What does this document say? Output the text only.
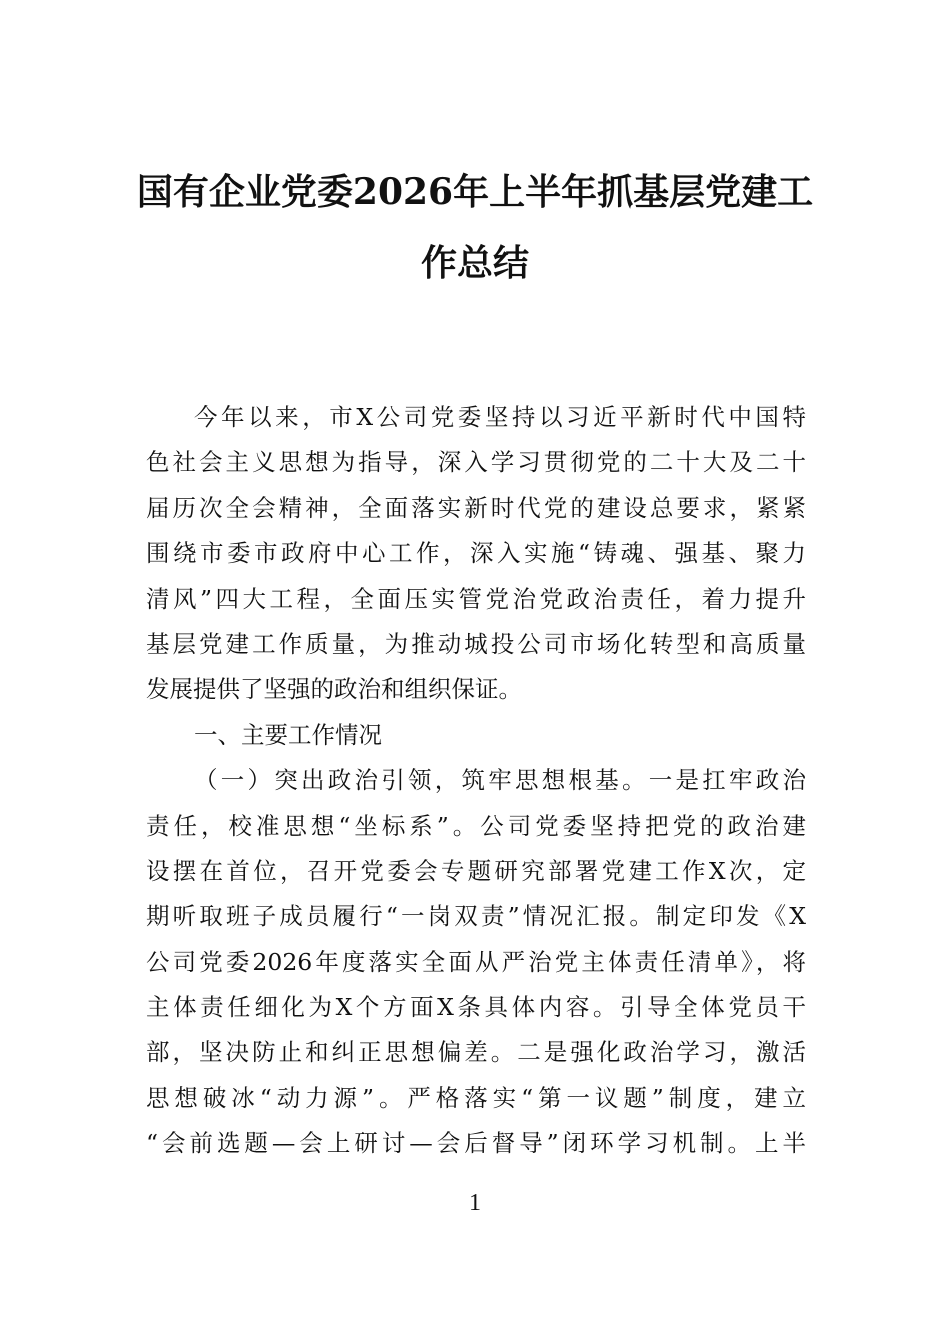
国有企业党委2026年上半年抓基层党建工
作总结
今年以来，市X公司党委坚持以习近平新时代中国特
色社会主义思想为指导，深入学习贯彻党的二十大及二十
届历次全会精神，全面落实新时代党的建设总要求，紧紧
围绕市委市政府中心工作，深入实施“铸魂、强基、聚力
清风”四大工程，全面压实管党治党政治责任，着力提升
基层党建工作质量，为推动城投公司市场化转型和高质量
发展提供了坚强的政治和组织保证。
一、主要工作情况
（一）突出政治引领，筑牢思想根基。一是扛牢政治
责任，校准思想“坐标系”。公司党委坚持把党的政治建
设摆在首位，召开党委会专题研究部署党建工作X次，定
期听取班子成员履行“一岗双责”情况汇报。制定印发《X
公司党委2026年度落实全面从严治党主体责任清单》，将
主体责任细化为X个方面X条具体内容。引导全体党员干
部，坚决防止和纠正思想偏差。二是强化政治学习，激活
思想破冰“动力源”。严格落实“第一议题”制度，建立
“会前选题—会上研讨—会后督导”闭环学习机制。上半
1
